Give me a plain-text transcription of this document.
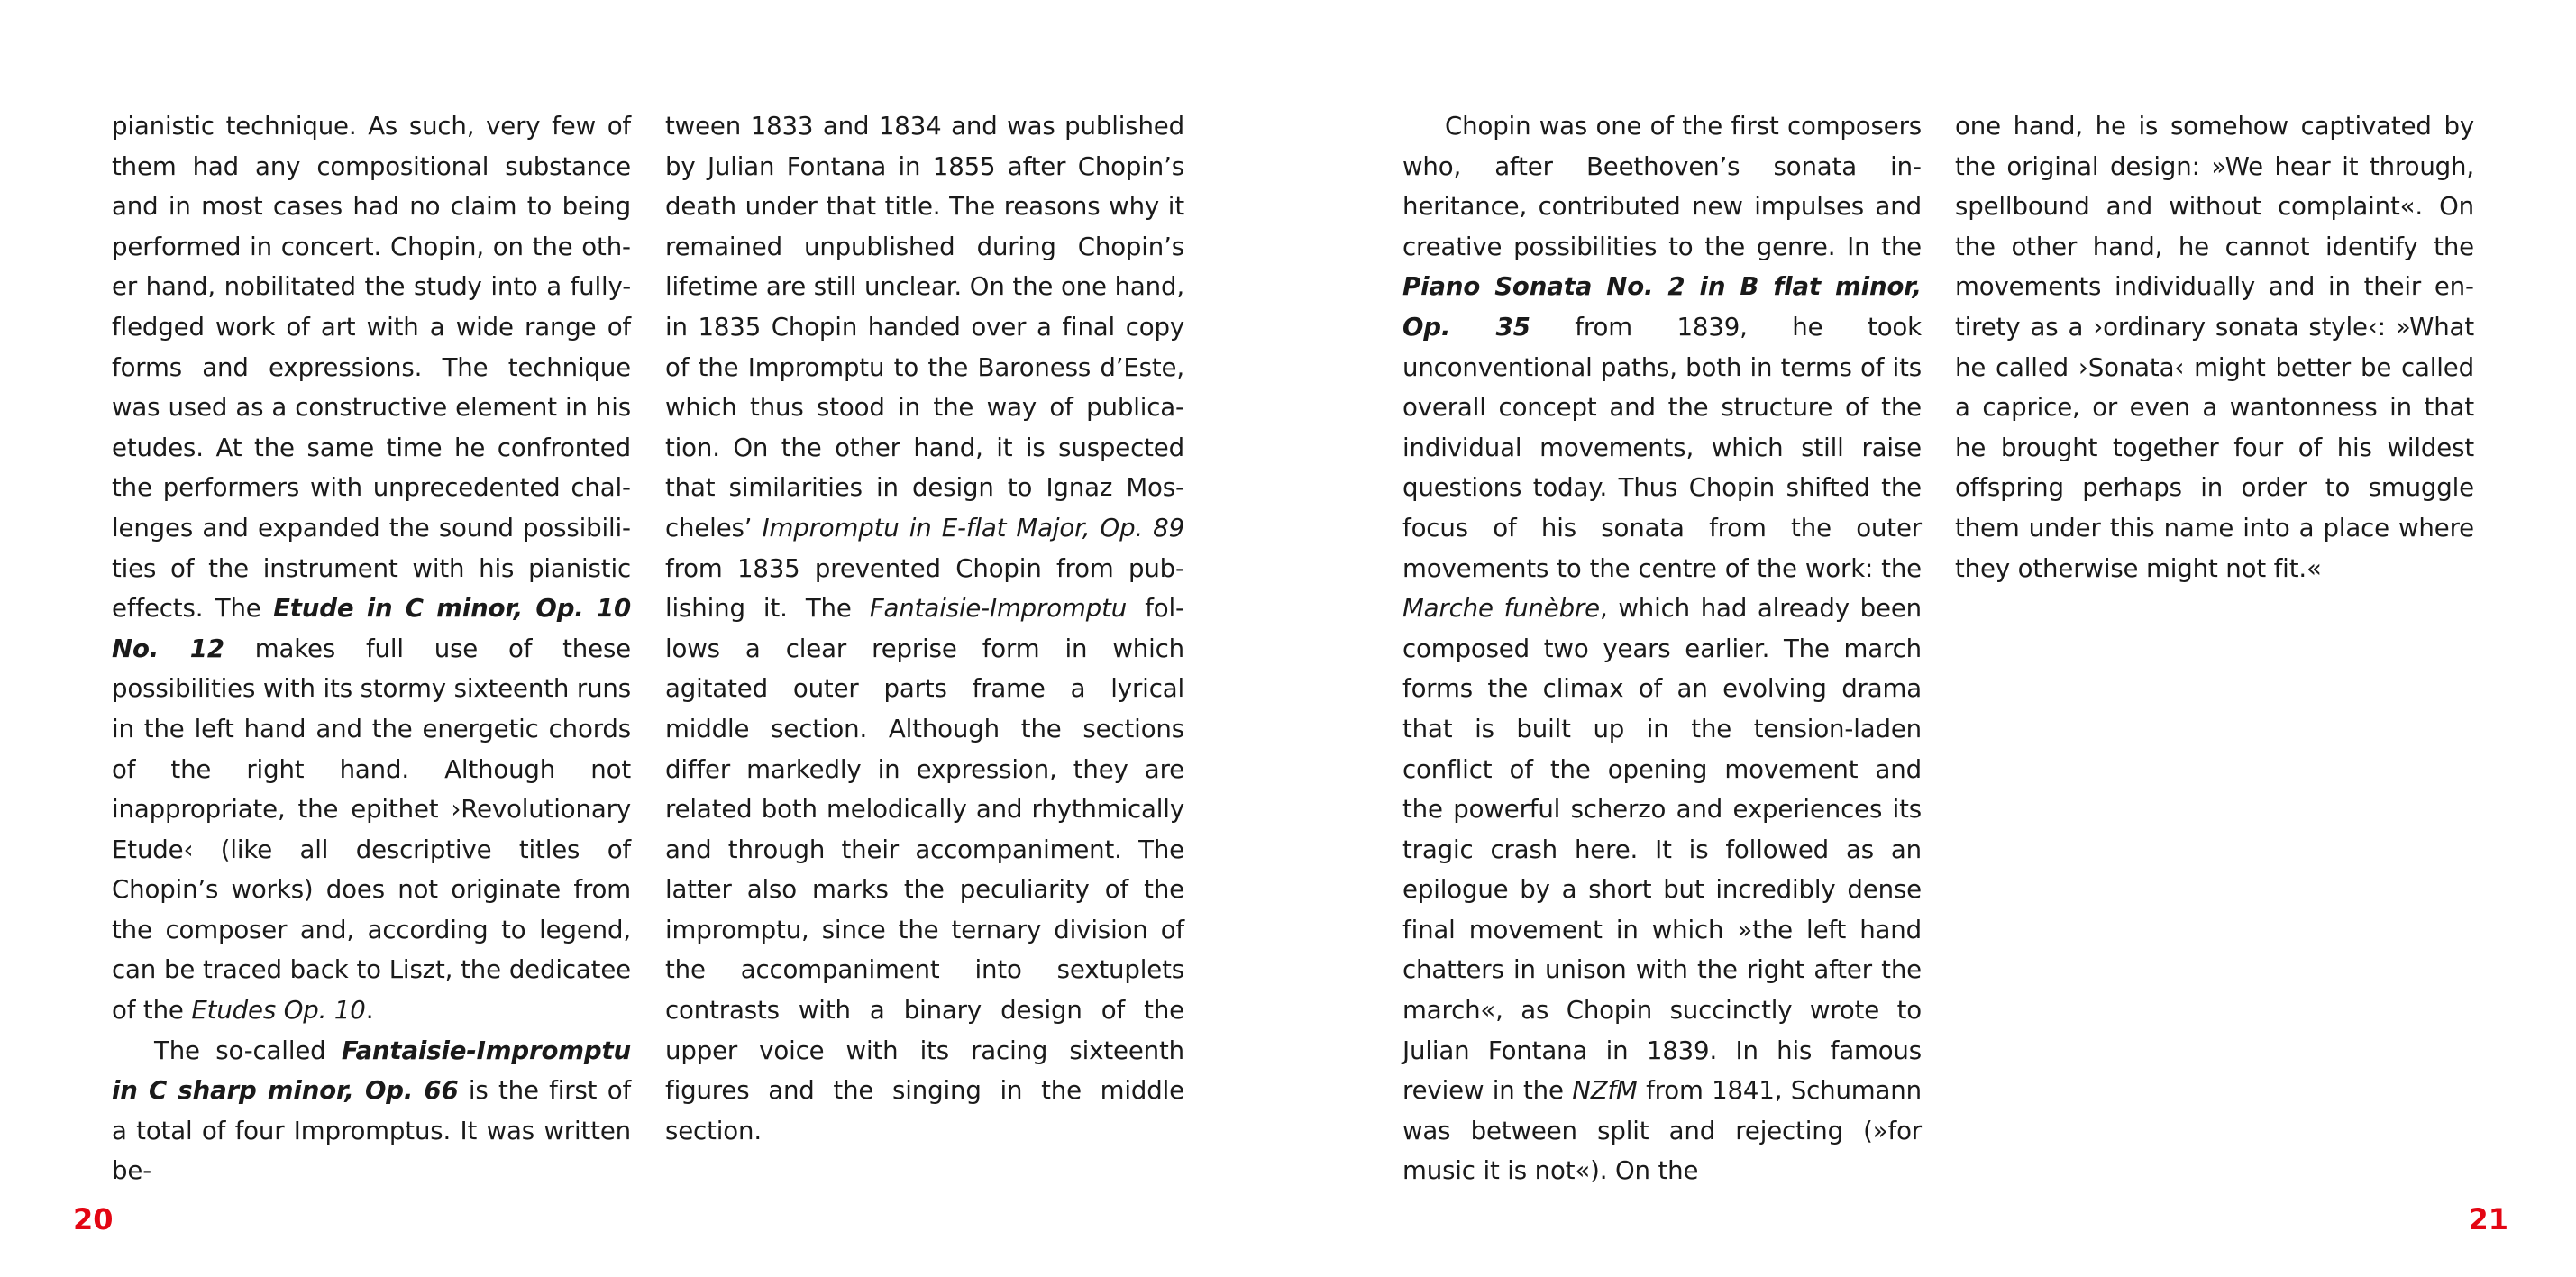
pianistic technique. As such, very few of them had any compositional substance and in most cases had no claim to being performed in concert. Chopin, on the other hand, nobilitated the study into a fully-fledged work of art with a wide range of forms and expressions. The technique was used as a constructive element in his etudes. At the same time he confronted the performers with unprecedented challenges and expanded the sound possibilities of the instrument with his pianistic effects. The Etude in C minor, Op. 10 No. 12 makes full use of these possibilities with its stormy sixteenth runs in the left hand and the energetic chords of the right hand. Although not inappropriate, the epithet ›Revolutionary Etude‹ (like all descriptive titles of Chopin’s works) does not originate from the composer and, according to legend, can be traced back to Liszt, the dedicatee of the Etudes Op. 10.

The so-called Fantaisie-Impromptu in C sharp minor, Op. 66 is the first of a total of four Impromptus. It was written be-

tween 1833 and 1834 and was published by Julian Fontana in 1855 after Chopin’s death under that title. The reasons why it remained unpublished during Chopin’s lifetime are still unclear. On the one hand, in 1835 Chopin handed over a final copy of the Impromptu to the Baroness d’Este, which thus stood in the way of publication. On the other hand, it is suspected that similarities in design to Ignaz Moscheles’ Impromptu in E-flat Major, Op. 89 from 1835 prevented Chopin from publishing it. The Fantaisie-Impromptu follows a clear reprise form in which agitated outer parts frame a lyrical middle section. Although the sections differ markedly in expression, they are related both melodically and rhythmically and through their accompaniment. The latter also marks the peculiarity of the impromptu, since the ternary division of the accompaniment into sextuplets contrasts with a binary design of the upper voice with its racing sixteenth figures and the singing in the middle section.

Chopin was one of the first composers who, after Beethoven’s sonata inheritance, contributed new impulses and creative possibilities to the genre. In the Piano Sonata No. 2 in B flat minor, Op. 35 from 1839, he took unconventional paths, both in terms of its overall concept and the structure of the individual movements, which still raise questions today. Thus Chopin shifted the focus of his sonata from the outer movements to the centre of the work: the Marche funèbre, which had already been composed two years earlier. The march forms the climax of an evolving drama that is built up in the tension-laden conflict of the opening movement and the powerful scherzo and experiences its tragic crash here. It is followed as an epilogue by a short but incredibly dense final movement in which »the left hand chatters in unison with the right after the march«, as Chopin succinctly wrote to Julian Fontana in 1839. In his famous review in the NZfM from 1841, Schumann was between split and rejecting (»for music it is not«). On the

one hand, he is somehow captivated by the original design: »We hear it through, spellbound and without complaint«. On the other hand, he cannot identify the movements individually and in their entirety as a ›ordinary sonata style‹: »What he called ›Sonata‹ might better be called a caprice, or even a wantonness in that he brought together four of his wildest offspring perhaps in order to smuggle them under this name into a place where they otherwise might not fit.«

20	21
